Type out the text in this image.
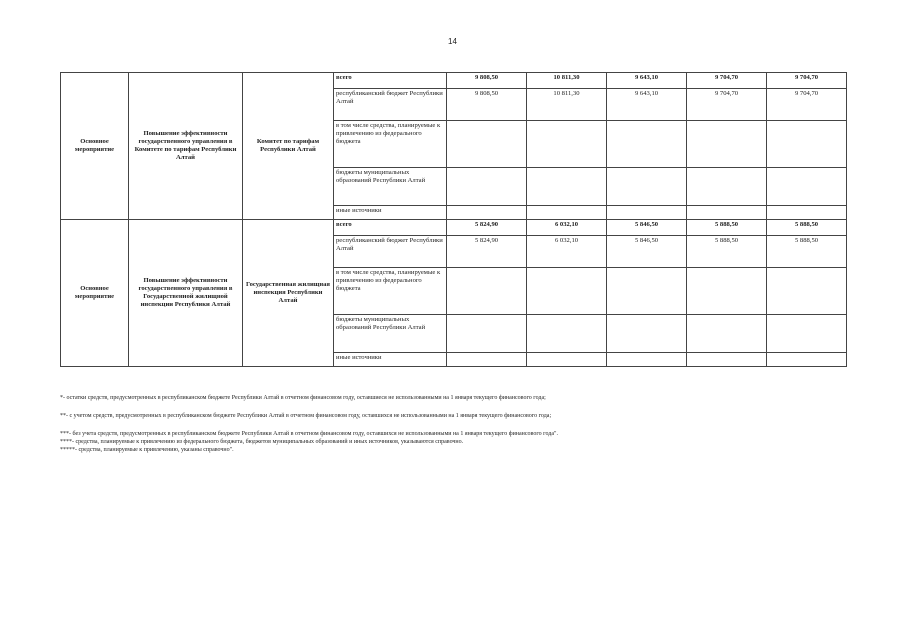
14
Основное мероприятие	Повышение эффективности государственного управления в Комитете по тарифам Республики Алтай	Комитет по тарифам Республики Алтай	всего	9 808,50	10 811,30	9 643,10	9 704,70	9 704,70
			республиканский бюджет Республики Алтай	9 808,50	10 811,30	9 643,10	9 704,70	9 704,70
			в том числе средства, планируемые к привлечению из федерального бюджета					
			бюджеты муниципальных образований Республики Алтай					
			иные источники					
Основное мероприятие	Повышение эффективности государственного управления в Государственной жилищной инспекции Республики Алтай	Государственная жилищная инспекция Республики Алтай	всего	5 824,90	6 032,10	5 846,50	5 888,50	5 888,50
			республиканский бюджет Республики Алтай	5 824,90	6 032,10	5 846,50	5 888,50	5 888,50
			в том числе средства, планируемые к привлечению из федерального бюджета					
			бюджеты муниципальных образований Республики Алтай					
			иные источники					

*- остатки средств, предусмотренных в республиканском бюджете Республики Алтай в отчетном финансовом году, оставшиеся не использованными на 1 января текущего финансового года;

**- с учетом средств, предусмотренных в республиканском бюджете Республики Алтай в отчетном финансовом году, оставшихся не использованными на 1 января текущего финансового года;

***- без учета средств, предусмотренных в республиканском бюджете Республики Алтай в отчетном финансовом году, оставшихся не использованными на 1 января текущего финансового года".

****- средства, планируемые к привлечению из федерального бюджета, бюджетов муниципальных образований и иных источников, указываются справочно.

*****- средства, планируемые к привлечению, указаны справочно".
